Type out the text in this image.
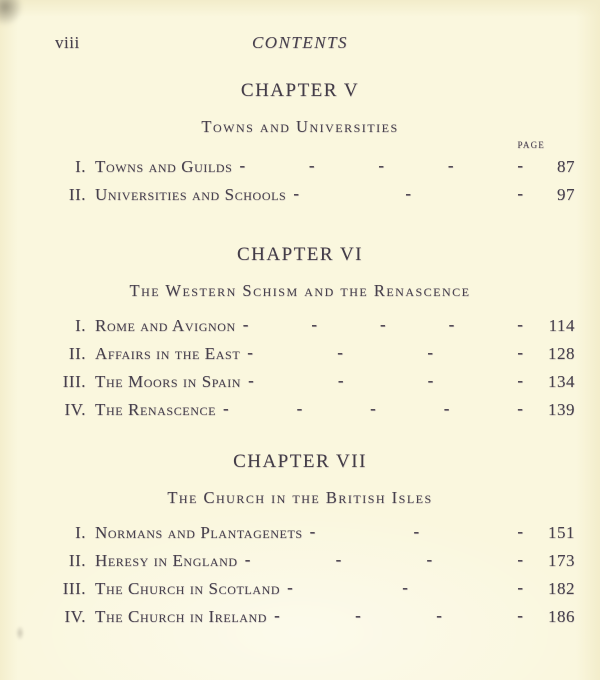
viii	CONTENTS
CHAPTER V
Towns and Universities
PAGE
I. Towns and Guilds -	-	-	-	-	87
II. Universities and Schools -	-	-	97
CHAPTER VI
The Western Schism and the Renascence
I. Rome and Avignon -	-	-	-	-	114
II. Affairs in the East -	-	-	-	128
III. The Moors in Spain -	-	-	-	134
IV. The Renascence -	-	-	-	-	139
CHAPTER VII
The Church in the British Isles
I. Normans and Plantagenets -	-	-	151
II. Heresy in England -	-	-	-	173
III. The Church in Scotland -	-	-	182
IV. The Church in Ireland -	-	-	-	186
